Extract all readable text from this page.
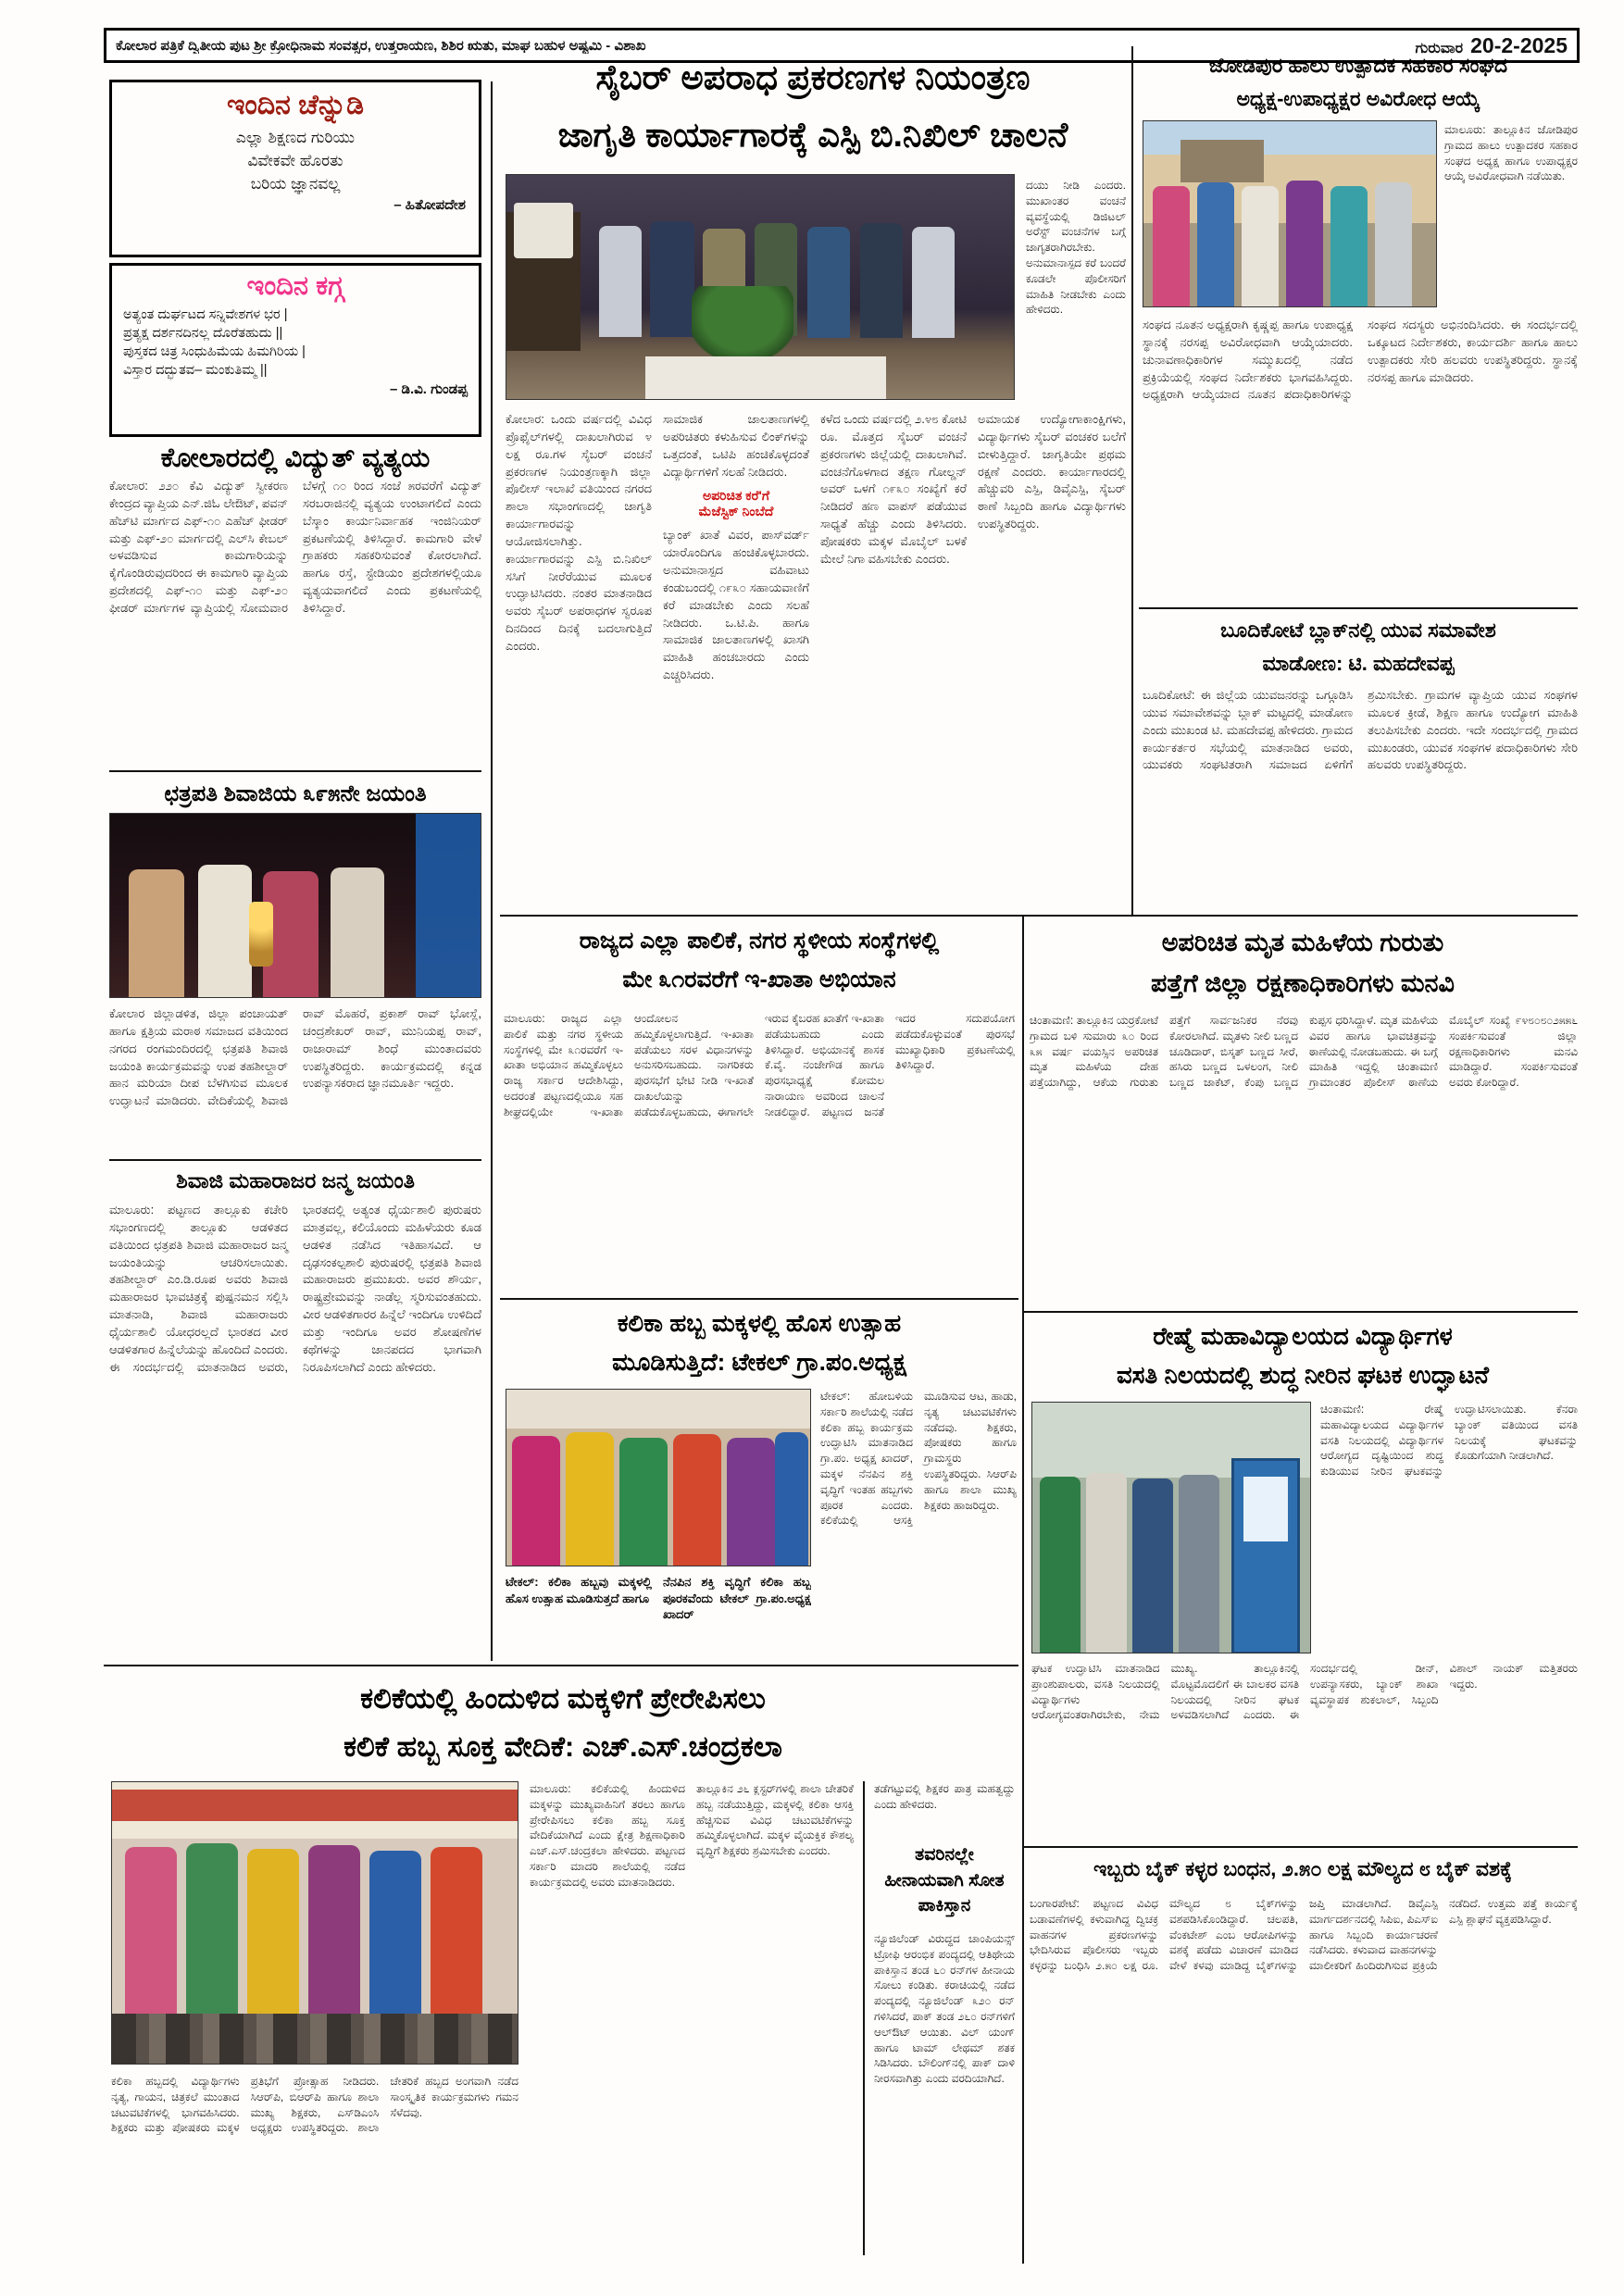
ಕೋಲಾರ ಪತ್ರಿಕೆ ದ್ವಿತೀಯ ಪುಟ ಶ್ರೀ ಕ್ರೋಧಿನಾಮ ಸಂವತ್ಸರ, ಉತ್ತರಾಯಣ, ಶಿಶಿರ ಋತು, ಮಾಘ ಬಹುಳ ಅಷ್ಟಮಿ - ವಿಶಾಖ	ಗುರುವಾರ 20-2-2025
ಇಂದಿನ ಚೆನ್ನುಡಿ
ಎಲ್ಲಾ ಶಿಕ್ಷಣದ ಗುರಿಯು
ವಿವೇಕವೇ ಹೊರತು
ಬರಿಯ ಜ್ಞಾನವಲ್ಲ
– ಹಿತೋಪದೇಶ
ಇಂದಿನ ಕಗ್ಗ
ಅತ್ಯಂತ ದುರ್ಘಟದ ಸನ್ನಿವೇಶಗಳ ಭರ |
ಪ್ರತ್ಯಕ್ಷ ದರ್ಶನದಿನಲ್ಲ ದೊರೆತಹುದು ||
ಪುಸ್ತಕದ ಚಿತ್ರ ಸಿಂಧುಹಿಮೆಯ ಹಿಮಗಿರಿಯ |
ವಿಸ್ತಾರ ದದ್ಭುತವ– ಮಂಕುತಿಮ್ಮ ||
– ಡಿ.ವಿ. ಗುಂಡಪ್ಪ
ಕೋಲಾರದಲ್ಲಿ ವಿದ್ಯುತ್ ವ್ಯತ್ಯಯ
ಕೋಲಾರ: ೨೨೦ ಕೆವಿ ವಿದ್ಯುತ್ ಸ್ವೀಕರಣ ಕೇಂದ್ರದ ವ್ಯಾಪ್ತಿಯ ಎನ್.ಜಿಓ ಲೇಔಟ್, ಪವನ್ ಹೆಚ್‌ಟಿ ಮಾರ್ಗದ ಎಫ್-೧೦ ಎಹೆಚ್ ಫೀಡರ್ ಮತ್ತು ಎಫ್-೨೦ ಮಾರ್ಗದಲ್ಲಿ ಎಲ್‌ಸಿ ಕೇಬಲ್ ಅಳವಡಿಸುವ ಕಾಮಗಾರಿಯನ್ನು ಕೈಗೊಂಡಿರುವುದರಿಂದ ಈ ಕಾಮಗಾರಿ ವ್ಯಾಪ್ತಿಯ ಪ್ರದೇಶದಲ್ಲಿ ಎಫ್-೧೦ ಮತ್ತು ಎಫ್-೨೦ ಫೀಡರ್ ಮಾರ್ಗಗಳ ವ್ಯಾಪ್ತಿಯಲ್ಲಿ ಸೋಮವಾರ ಬೆಳಗ್ಗೆ ೧೦ ರಿಂದ ಸಂಜೆ ೫ರವರೆಗೆ ವಿದ್ಯುತ್ ಸರಬರಾಜಿನಲ್ಲಿ ವ್ಯತ್ಯಯ ಉಂಟಾಗಲಿದೆ ಎಂದು ಬೆಸ್ಕಾಂ ಕಾರ್ಯನಿರ್ವಾಹಕ ಇಂಜಿನಿಯರ್ ಪ್ರಕಟಣೆಯಲ್ಲಿ ತಿಳಿಸಿದ್ದಾರೆ. ಕಾಮಗಾರಿ ವೇಳೆ ಗ್ರಾಹಕರು ಸಹಕರಿಸುವಂತೆ ಕೋರಲಾಗಿದೆ. ಹಾಗೂ ರಸ್ತೆ, ಸ್ಟೇಡಿಯಂ ಪ್ರದೇಶಗಳಲ್ಲಿಯೂ ವ್ಯತ್ಯಯವಾಗಲಿದೆ ಎಂದು ಪ್ರಕಟಣೆಯಲ್ಲಿ ತಿಳಿಸಿದ್ದಾರೆ.
ಛತ್ರಪತಿ ಶಿವಾಜಿಯ ೩೯೫ನೇ ಜಯಂತಿ
ಕೋಲಾರ ಜಿಲ್ಲಾಡಳಿತ, ಜಿಲ್ಲಾ ಪಂಚಾಯತ್ ಹಾಗೂ ಕ್ಷತ್ರಿಯ ಮರಾಠ ಸಮಾಜದ ವತಿಯಿಂದ ನಗರದ ರಂಗಮಂದಿರದಲ್ಲಿ ಛತ್ರಪತಿ ಶಿವಾಜಿ ಜಯಂತಿ ಕಾರ್ಯಕ್ರಮವನ್ನು ಉಪ ತಹಶೀಲ್ದಾರ್ ಹಾನ ಮರಿಯಾ ದೀಪ ಬೆಳಗಿಸುವ ಮೂಲಕ ಉದ್ಘಾಟನೆ ಮಾಡಿದರು. ವೇದಿಕೆಯಲ್ಲಿ ಶಿವಾಜಿ ರಾವ್ ಮೊಹರೆ, ಪ್ರಕಾಶ್ ರಾವ್ ಭೋಸ್ಲೆ, ಚಂದ್ರಶೇಖರ್ ರಾವ್, ಮುನಿಯಪ್ಪ ರಾವ್, ರಾಜಾರಾಮ್ ಶಿಂಧೆ ಮುಂತಾದವರು ಉಪಸ್ಥಿತರಿದ್ದರು. ಕಾರ್ಯಕ್ರಮದಲ್ಲಿ ಕನ್ನಡ ಉಪನ್ಯಾಸಕರಾದ ಜ್ಞಾನಮೂರ್ತಿ ಇದ್ದರು.
ಶಿವಾಜಿ ಮಹಾರಾಜರ ಜನ್ಮ ಜಯಂತಿ
ಮಾಲೂರು: ಪಟ್ಟಣದ ತಾಲ್ಲೂಕು ಕಚೇರಿ ಸಭಾಂಗಣದಲ್ಲಿ ತಾಲ್ಲೂಕು ಆಡಳಿತದ ವತಿಯಿಂದ ಛತ್ರಪತಿ ಶಿವಾಜಿ ಮಹಾರಾಜರ ಜನ್ಮ ಜಯಂತಿಯನ್ನು ಆಚರಿಸಲಾಯಿತು. ತಹಶೀಲ್ದಾರ್ ಎಂ.ಡಿ.ರೂಪ ಅವರು ಶಿವಾಜಿ ಮಹಾರಾಜರ ಭಾವಚಿತ್ರಕ್ಕೆ ಪುಷ್ಪನಮನ ಸಲ್ಲಿಸಿ ಮಾತನಾಡಿ, ಶಿವಾಜಿ ಮಹಾರಾಜರು ಧೈರ್ಯಶಾಲಿ ಯೋಧರಲ್ಲದೆ ಭಾರತದ ವೀರ ಆಡಳಿತಗಾರ ಹಿನ್ನೆಲೆಯನ್ನು ಹೊಂದಿದೆ ಎಂದರು. ಈ ಸಂದರ್ಭದಲ್ಲಿ ಮಾತನಾಡಿದ ಅವರು, ಭಾರತದಲ್ಲಿ ಅತ್ಯಂತ ಧೈರ್ಯಶಾಲಿ ಪುರುಷರು ಮಾತ್ರವಲ್ಲ, ಕಲಿಯೊಂದು ಮಹಿಳೆಯರು ಕೂಡ ಆಡಳಿತ ನಡೆಸಿದ ಇತಿಹಾಸವಿದೆ. ಆ ದೃಢಸಂಕಲ್ಪಶಾಲಿ ಪುರುಷರಲ್ಲಿ ಛತ್ರಪತಿ ಶಿವಾಜಿ ಮಹಾರಾಜರು ಪ್ರಮುಖರು. ಅವರ ಶೌರ್ಯ, ರಾಷ್ಟ್ರಪ್ರೇಮವನ್ನು ನಾಡೆಲ್ಲ ಸ್ಮರಿಸುವಂತಹುದು. ವೀರ ಆಡಳಿತಗಾರರ ಹಿನ್ನೆಲೆ ಇಂದಿಗೂ ಉಳಿದಿದೆ ಮತ್ತು ಇಂದಿಗೂ ಅವರ ಶೋಷಣೆಗಳ ಕಥೆಗಳನ್ನು ಜಾನಪದದ ಭಾಗವಾಗಿ ನಿರೂಪಿಸಲಾಗಿದೆ ಎಂದು ಹೇಳಿದರು.
ಸೈಬರ್ ಅಪರಾಧ ಪ್ರಕರಣಗಳ ನಿಯಂತ್ರಣ
ಜಾಗೃತಿ ಕಾರ್ಯಾಗಾರಕ್ಕೆ ಎಸ್ಪಿ ಬಿ.ನಿಖಿಲ್ ಚಾಲನೆ
ದಯು ನೀಡಿ ಎಂದರು. ಮುಖಾಂತರ ವಂಚನೆ ವ್ಯವಸ್ಥೆಯಲ್ಲಿ ಡಿಜಿಟಲ್ ಅರೆಸ್ಟ್ ವಂಚನೆಗಳ ಬಗ್ಗೆ ಜಾಗೃತರಾಗಿರಬೇಕು. ಅನುಮಾನಾಸ್ಪದ ಕರೆ ಬಂದರೆ ಕೂಡಲೇ ಪೊಲೀಸರಿಗೆ ಮಾಹಿತಿ ನೀಡಬೇಕು ಎಂದು ಹೇಳಿದರು.
ಕೋಲಾರ: ಒಂದು ವರ್ಷದಲ್ಲಿ ವಿವಿಧ ಪ್ರೊಫೈಲ್‌ಗಳಲ್ಲಿ ದಾಖಲಾಗಿರುವ ೪ ಲಕ್ಷ ರೂ.ಗಳ ಸೈಬರ್ ವಂಚನೆ ಪ್ರಕರಣಗಳ ನಿಯಂತ್ರಣಕ್ಕಾಗಿ ಜಿಲ್ಲಾ ಪೊಲೀಸ್ ಇಲಾಖೆ ವತಿಯಿಂದ ನಗರದ ಶಾಲಾ ಸಭಾಂಗಣದಲ್ಲಿ ಜಾಗೃತಿ ಕಾರ್ಯಾಗಾರವನ್ನು ಆಯೋಜಿಸಲಾಗಿತ್ತು. ಕಾರ್ಯಾಗಾರವನ್ನು ಎಸ್ಪಿ ಬಿ.ನಿಖಿಲ್ ಸಸಿಗೆ ನೀರೆರೆಯುವ ಮೂಲಕ ಉದ್ಘಾಟಿಸಿದರು. ನಂತರ ಮಾತನಾಡಿದ ಅವರು ಸೈಬರ್ ಅಪರಾಧಗಳ ಸ್ವರೂಪ ದಿನದಿಂದ ದಿನಕ್ಕೆ ಬದಲಾಗುತ್ತಿದೆ ಎಂದರು.
ಸಾಮಾಜಿಕ ಜಾಲತಾಣಗಳಲ್ಲಿ ಅಪರಿಚಿತರು ಕಳುಹಿಸುವ ಲಿಂಕ್‌ಗಳನ್ನು ಒತ್ತದಂತೆ, ಒಟಿಪಿ ಹಂಚಿಕೊಳ್ಳದಂತೆ ವಿದ್ಯಾರ್ಥಿಗಳಿಗೆ ಸಲಹೆ ನೀಡಿದರು.
ಅಪರಿಚಿತ ಕರೆ'ಗೆ
ಮೆಜೆಸ್ಟಿಕ್ ನಿಂಬೆದೆ
ಬ್ಯಾಂಕ್ ಖಾತೆ ವಿವರ, ಪಾಸ್‌ವರ್ಡ್ ಯಾರೊಂದಿಗೂ ಹಂಚಿಕೊಳ್ಳಬಾರದು. ಅನುಮಾನಾಸ್ಪದ ವಹಿವಾಟು ಕಂಡುಬಂದಲ್ಲಿ ೧೯೩೦ ಸಹಾಯವಾಣಿಗೆ ಕರೆ ಮಾಡಬೇಕು ಎಂದು ಸಲಹೆ ನೀಡಿದರು. ಒ.ಟಿ.ಪಿ. ಹಾಗೂ ಸಾಮಾಜಿಕ ಜಾಲತಾಣಗಳಲ್ಲಿ ಖಾಸಗಿ ಮಾಹಿತಿ ಹಂಚಬಾರದು ಎಂದು ಎಚ್ಚರಿಸಿದರು.
ಕಳೆದ ಒಂದು ವರ್ಷದಲ್ಲಿ ೨.೪೮ ಕೋಟಿ ರೂ. ಮೊತ್ತದ ಸೈಬರ್ ವಂಚನೆ ಪ್ರಕರಣಗಳು ಜಿಲ್ಲೆಯಲ್ಲಿ ದಾಖಲಾಗಿವೆ. ವಂಚನೆಗೊಳಗಾದ ತಕ್ಷಣ ಗೋಲ್ಡನ್ ಅವರ್ ಒಳಗೆ ೧೯೩೦ ಸಂಖ್ಯೆಗೆ ಕರೆ ನೀಡಿದರೆ ಹಣ ವಾಪಸ್ ಪಡೆಯುವ ಸಾಧ್ಯತೆ ಹೆಚ್ಚು ಎಂದು ತಿಳಿಸಿದರು. ಪೋಷಕರು ಮಕ್ಕಳ ಮೊಬೈಲ್ ಬಳಕೆ ಮೇಲೆ ನಿಗಾ ವಹಿಸಬೇಕು ಎಂದರು.
ಅಮಾಯಕ ಉದ್ಯೋಗಾಕಾಂಕ್ಷಿಗಳು, ವಿದ್ಯಾರ್ಥಿಗಳು ಸೈಬರ್ ವಂಚಕರ ಬಲೆಗೆ ಬೀಳುತ್ತಿದ್ದಾರೆ. ಜಾಗೃತಿಯೇ ಪ್ರಥಮ ರಕ್ಷಣೆ ಎಂದರು. ಕಾರ್ಯಾಗಾರದಲ್ಲಿ ಹೆಚ್ಚುವರಿ ಎಸ್ಪಿ, ಡಿವೈಎಸ್ಪಿ, ಸೈಬರ್ ಠಾಣೆ ಸಿಬ್ಬಂದಿ ಹಾಗೂ ವಿದ್ಯಾರ್ಥಿಗಳು ಉಪಸ್ಥಿತರಿದ್ದರು.
ಜೋಡಿಪುರ ಹಾಲು ಉತ್ಪಾದಕ ಸಹಕಾರ ಸಂಘದ
ಅಧ್ಯಕ್ಷ-ಉಪಾಧ್ಯಕ್ಷರ ಅವಿರೋಧ ಆಯ್ಕೆ
ಮಾಲೂರು: ತಾಲ್ಲೂಕಿನ ಜೋಡಿಪುರ ಗ್ರಾಮದ ಹಾಲು ಉತ್ಪಾದಕರ ಸಹಕಾರ ಸಂಘದ ಅಧ್ಯಕ್ಷ ಹಾಗೂ ಉಪಾಧ್ಯಕ್ಷರ ಆಯ್ಕೆ ಅವಿರೋಧವಾಗಿ ನಡೆಯಿತು.
ಸಂಘದ ನೂತನ ಅಧ್ಯಕ್ಷರಾಗಿ ಕೃಷ್ಣಪ್ಪ ಹಾಗೂ ಉಪಾಧ್ಯಕ್ಷ ಸ್ಥಾನಕ್ಕೆ ನರಸಪ್ಪ ಅವಿರೋಧವಾಗಿ ಆಯ್ಕೆಯಾದರು. ಚುನಾವಣಾಧಿಕಾರಿಗಳ ಸಮ್ಮುಖದಲ್ಲಿ ನಡೆದ ಪ್ರಕ್ರಿಯೆಯಲ್ಲಿ ಸಂಘದ ನಿರ್ದೇಶಕರು ಭಾಗವಹಿಸಿದ್ದರು. ಅಧ್ಯಕ್ಷರಾಗಿ ಆಯ್ಕೆಯಾದ ನೂತನ ಪದಾಧಿಕಾರಿಗಳನ್ನು ಸಂಘದ ಸದಸ್ಯರು ಅಭಿನಂದಿಸಿದರು. ಈ ಸಂದರ್ಭದಲ್ಲಿ ಒಕ್ಕೂಟದ ನಿರ್ದೇಶಕರು, ಕಾರ್ಯದರ್ಶಿ ಹಾಗೂ ಹಾಲು ಉತ್ಪಾದಕರು ಸೇರಿ ಹಲವರು ಉಪಸ್ಥಿತರಿದ್ದರು. ಸ್ಥಾನಕ್ಕೆ ನರಸಪ್ಪ ಹಾಗೂ ಮಾಡಿದರು.
ಬೂದಿಕೋಟೆ ಬ್ಲಾಕ್‌ನಲ್ಲಿ ಯುವ ಸಮಾವೇಶ
ಮಾಡೋಣ: ಟಿ. ಮಹದೇವಪ್ಪ
ಬೂದಿಕೋಟೆ: ಈ ಜಿಲ್ಲೆಯ ಯುವಜನರನ್ನು ಒಗ್ಗೂಡಿಸಿ ಯುವ ಸಮಾವೇಶವನ್ನು ಬ್ಲಾಕ್ ಮಟ್ಟದಲ್ಲಿ ಮಾಡೋಣ ಎಂದು ಮುಖಂಡ ಟಿ. ಮಹದೇವಪ್ಪ ಹೇಳಿದರು. ಗ್ರಾಮದ ಕಾರ್ಯಕರ್ತರ ಸಭೆಯಲ್ಲಿ ಮಾತನಾಡಿದ ಅವರು, ಯುವಕರು ಸಂಘಟಿತರಾಗಿ ಸಮಾಜದ ಏಳಿಗೆಗೆ ಶ್ರಮಿಸಬೇಕು. ಗ್ರಾಮಗಳ ವ್ಯಾಪ್ತಿಯ ಯುವ ಸಂಘಗಳ ಮೂಲಕ ಕ್ರೀಡೆ, ಶಿಕ್ಷಣ ಹಾಗೂ ಉದ್ಯೋಗ ಮಾಹಿತಿ ತಲುಪಿಸಬೇಕು ಎಂದರು. ಇದೇ ಸಂದರ್ಭದಲ್ಲಿ ಗ್ರಾಮದ ಮುಖಂಡರು, ಯುವಕ ಸಂಘಗಳ ಪದಾಧಿಕಾರಿಗಳು ಸೇರಿ ಹಲವರು ಉಪಸ್ಥಿತರಿದ್ದರು.
ರಾಜ್ಯದ ಎಲ್ಲಾ ಪಾಲಿಕೆ, ನಗರ ಸ್ಥಳೀಯ ಸಂಸ್ಥೆಗಳಲ್ಲಿ
ಮೇ ೩೧ರವರೆಗೆ ಇ-ಖಾತಾ ಅಭಿಯಾನ
ಮಾಲೂರು: ರಾಜ್ಯದ ಎಲ್ಲಾ ಪಾಲಿಕೆ ಮತ್ತು ನಗರ ಸ್ಥಳೀಯ ಸಂಸ್ಥೆಗಳಲ್ಲಿ ಮೇ ೩೧ರವರೆಗೆ ಇ-ಖಾತಾ ಅಭಿಯಾನ ಹಮ್ಮಿಕೊಳ್ಳಲು ರಾಜ್ಯ ಸರ್ಕಾರ ಆದೇಶಿಸಿದ್ದು, ಅದರಂತೆ ಪಟ್ಟಣದಲ್ಲಿಯೂ ಸಹ ಶೀಘ್ರದಲ್ಲಿಯೇ ಇ-ಖಾತಾ ಆಂದೋಲನ ಹಮ್ಮಿಕೊಳ್ಳಲಾಗುತ್ತಿದೆ. ಇ-ಖಾತಾ ಪಡೆಯಲು ಸರಳ ವಿಧಾನಗಳನ್ನು ಅನುಸರಿಸಬಹುದು. ನಾಗರಿಕರು ಪುರಸಭೆಗೆ ಭೇಟಿ ನೀಡಿ ಇ-ಖಾತೆ ದಾಖಲೆಯನ್ನು ಪಡೆದುಕೊಳ್ಳಬಹುದು, ಈಗಾಗಲೇ ಇರುವ ಕೈಬರಹ ಖಾತೆಗೆ ಇ-ಖಾತಾ ಪಡೆಯಬಹುದು ಎಂದು ತಿಳಿಸಿದ್ದಾರೆ. ಅಭಿಯಾನಕ್ಕೆ ಶಾಸಕ ಕೆ.ವೈ. ನಂಜೇಗೌಡ ಹಾಗೂ ಪುರಸಭಾಧ್ಯಕ್ಷೆ ಕೋಮಲ ನಾರಾಯಣ ಅವರಿಂದ ಚಾಲನೆ ನೀಡಲಿದ್ದಾರೆ. ಪಟ್ಟಣದ ಜನತೆ ಇದರ ಸದುಪಯೋಗ ಪಡೆದುಕೊಳ್ಳುವಂತೆ ಪುರಸಭೆ ಮುಖ್ಯಾಧಿಕಾರಿ ಪ್ರಕಟಣೆಯಲ್ಲಿ ತಿಳಿಸಿದ್ದಾರೆ.
ಅಪರಿಚಿತ ಮೃತ ಮಹಿಳೆಯ ಗುರುತು
ಪತ್ತೆಗೆ ಜಿಲ್ಲಾ ರಕ್ಷಣಾಧಿಕಾರಿಗಳು ಮನವಿ
ಚಿಂತಾಮಣಿ: ತಾಲ್ಲೂಕಿನ ಯರ್ರಕೋಟೆ ಗ್ರಾಮದ ಬಳಿ ಸುಮಾರು ೩೦ ರಿಂದ ೩೫ ವರ್ಷ ವಯಸ್ಸಿನ ಅಪರಿಚಿತ ಮೃತ ಮಹಿಳೆಯ ದೇಹ ಪತ್ತೆಯಾಗಿದ್ದು, ಆಕೆಯ ಗುರುತು ಪತ್ತೆಗೆ ಸಾರ್ವಜನಿಕರ ನೆರವು ಕೋರಲಾಗಿದೆ. ಮೃತಳು ನೀಲಿ ಬಣ್ಣದ ಚೂಡಿದಾರ್, ಬಿಸ್ಕತ್ ಬಣ್ಣದ ಸೀರೆ, ಹಸಿರು ಬಣ್ಣದ ಒಳಲಂಗ, ನೀಲಿ ಬಣ್ಣದ ಜಾಕೆಟ್, ಕೆಂಪು ಬಣ್ಣದ ಕುಪ್ಪಸ ಧರಿಸಿದ್ದಾಳೆ. ಮೃತ ಮಹಿಳೆಯ ವಿವರ ಹಾಗೂ ಭಾವಚಿತ್ರವನ್ನು ಠಾಣೆಯಲ್ಲಿ ನೋಡಬಹುದು. ಈ ಬಗ್ಗೆ ಮಾಹಿತಿ ಇದ್ದಲ್ಲಿ ಚಿಂತಾಮಣಿ ಗ್ರಾಮಾಂತರ ಪೊಲೀಸ್ ಠಾಣೆಯ ಮೊಬೈಲ್ ಸಂಖ್ಯೆ ೯೪೮೦೮೦೨೫೫೬ ಸಂಪರ್ಕಿಸುವಂತೆ ಜಿಲ್ಲಾ ರಕ್ಷಣಾಧಿಕಾರಿಗಳು ಮನವಿ ಮಾಡಿದ್ದಾರೆ. ಸಂಪರ್ಕಿಸುವಂತೆ ಅವರು ಕೋರಿದ್ದಾರೆ.
ಕಲಿಕಾ ಹಬ್ಬ ಮಕ್ಕಳಲ್ಲಿ ಹೊಸ ಉತ್ಸಾಹ
ಮೂಡಿಸುತ್ತಿದೆ: ಟೇಕಲ್ ಗ್ರಾ.ಪಂ.ಅಧ್ಯಕ್ಷ
ಟೇಕಲ್: ಕಲಿಕಾ ಹಬ್ಬವು ಮಕ್ಕಳಲ್ಲಿ ಹೊಸ ಉತ್ಸಾಹ ಮೂಡಿಸುತ್ತದೆ ಹಾಗೂ
ನೆನಪಿನ ಶಕ್ತಿ ವೃದ್ಧಿಗೆ ಕಲಿಕಾ ಹಬ್ಬ ಪೂರಕವೆಂದು ಟೇಕಲ್ ಗ್ರಾ.ಪಂ.ಅಧ್ಯಕ್ಷ ಖಾದರ್
ಟೇಕಲ್: ಹೋಬಳಿಯ ಸರ್ಕಾರಿ ಶಾಲೆಯಲ್ಲಿ ನಡೆದ ಕಲಿಕಾ ಹಬ್ಬ ಕಾರ್ಯಕ್ರಮ ಉದ್ಘಾಟಿಸಿ ಮಾತನಾಡಿದ ಗ್ರಾ.ಪಂ. ಅಧ್ಯಕ್ಷ ಖಾದರ್, ಮಕ್ಕಳ ನೆನಪಿನ ಶಕ್ತಿ ವೃದ್ಧಿಗೆ ಇಂತಹ ಹಬ್ಬಗಳು ಪೂರಕ ಎಂದರು. ಕಲಿಕೆಯಲ್ಲಿ ಆಸಕ್ತಿ ಮೂಡಿಸುವ ಆಟ, ಹಾಡು, ನೃತ್ಯ ಚಟುವಟಿಕೆಗಳು ನಡೆದವು. ಶಿಕ್ಷಕರು, ಪೋಷಕರು ಹಾಗೂ ಗ್ರಾಮಸ್ಥರು ಉಪಸ್ಥಿತರಿದ್ದರು. ಸಿಆರ್‌ಪಿ ಹಾಗೂ ಶಾಲಾ ಮುಖ್ಯ ಶಿಕ್ಷಕರು ಹಾಜರಿದ್ದರು.
ರೇಷ್ಮೆ ಮಹಾವಿದ್ಯಾಲಯದ ವಿದ್ಯಾರ್ಥಿಗಳ
ವಸತಿ ನಿಲಯದಲ್ಲಿ ಶುದ್ಧ ನೀರಿನ ಘಟಕ ಉದ್ಘಾಟನೆ
ಚಿಂತಾಮಣಿ: ರೇಷ್ಮೆ ಮಹಾವಿದ್ಯಾಲಯದ ವಿದ್ಯಾರ್ಥಿಗಳ ವಸತಿ ನಿಲಯದಲ್ಲಿ ವಿದ್ಯಾರ್ಥಿಗಳ ಆರೋಗ್ಯದ ದೃಷ್ಟಿಯಿಂದ ಶುದ್ಧ ಕುಡಿಯುವ ನೀರಿನ ಘಟಕವನ್ನು ಉದ್ಘಾಟಿಸಲಾಯಿತು. ಕೆನರಾ ಬ್ಯಾಂಕ್ ವತಿಯಿಂದ ವಸತಿ ನಿಲಯಕ್ಕೆ ಘಟಕವನ್ನು ಕೊಡುಗೆಯಾಗಿ ನೀಡಲಾಗಿದೆ.
ಘಟಕ ಉದ್ಘಾಟಿಸಿ ಮಾತನಾಡಿದ ಪ್ರಾಂಶುಪಾಲರು, ವಸತಿ ನಿಲಯದಲ್ಲಿ ವಿದ್ಯಾರ್ಥಿಗಳು ಆರೋಗ್ಯವಂತರಾಗಿರಬೇಕು, ನೇಮ ಮುಖ್ಯ. ತಾಲ್ಲೂಕಿನಲ್ಲಿ ಮೊಟ್ಟಮೊದಲಿಗೆ ಈ ಬಾಲಕರ ವಸತಿ ನಿಲಯದಲ್ಲಿ ನೀರಿನ ಘಟಕ ಅಳವಡಿಸಲಾಗಿದೆ ಎಂದರು. ಈ ಸಂದರ್ಭದಲ್ಲಿ ಡೀನ್, ಉಪನ್ಯಾಸಕರು, ಬ್ಯಾಂಕ್ ಶಾಖಾ ವ್ಯವಸ್ಥಾಪಕ ಶುಕಲಾಲ್, ಸಿಬ್ಬಂದಿ ವಿಶಾಲ್ ನಾಯಕ್ ಮತ್ತಿತರರು ಇದ್ದರು.
ಕಲಿಕೆಯಲ್ಲಿ ಹಿಂದುಳಿದ ಮಕ್ಕಳಿಗೆ ಪ್ರೇರೇಪಿಸಲು
ಕಲಿಕೆ ಹಬ್ಬ ಸೂಕ್ತ ವೇದಿಕೆ: ಎಚ್.ಎಸ್.ಚಂದ್ರಕಲಾ
ಮಾಲೂರು: ಕಲಿಕೆಯಲ್ಲಿ ಹಿಂದುಳಿದ ಮಕ್ಕಳನ್ನು ಮುಖ್ಯವಾಹಿನಿಗೆ ತರಲು ಹಾಗೂ ಪ್ರೇರೇಪಿಸಲು ಕಲಿಕಾ ಹಬ್ಬ ಸೂಕ್ತ ವೇದಿಕೆಯಾಗಿದೆ ಎಂದು ಕ್ಷೇತ್ರ ಶಿಕ್ಷಣಾಧಿಕಾರಿ ಎಚ್.ಎಸ್.ಚಂದ್ರಕಲಾ ಹೇಳಿದರು. ಪಟ್ಟಣದ ಸರ್ಕಾರಿ ಮಾದರಿ ಶಾಲೆಯಲ್ಲಿ ನಡೆದ ಕಾರ್ಯಕ್ರಮದಲ್ಲಿ ಅವರು ಮಾತನಾಡಿದರು.
ತಾಲ್ಲೂಕಿನ ೨೬ ಕ್ಲಸ್ಟರ್‌ಗಳಲ್ಲಿ ಶಾಲಾ ಚೇತರಿಕೆ ಹಬ್ಬ ನಡೆಯುತ್ತಿದ್ದು, ಮಕ್ಕಳಲ್ಲಿ ಕಲಿಕಾ ಆಸಕ್ತಿ ಹೆಚ್ಚಿಸುವ ವಿವಿಧ ಚಟುವಟಿಕೆಗಳನ್ನು ಹಮ್ಮಿಕೊಳ್ಳಲಾಗಿದೆ. ಮಕ್ಕಳ ವೈಯಕ್ತಿಕ ಕೌಶಲ್ಯ ವೃದ್ಧಿಗೆ ಶಿಕ್ಷಕರು ಶ್ರಮಿಸಬೇಕು ಎಂದರು.
ಕಲಿಕಾ ಹಬ್ಬದಲ್ಲಿ ವಿದ್ಯಾರ್ಥಿಗಳು ನೃತ್ಯ, ಗಾಯನ, ಚಿತ್ರಕಲೆ ಮುಂತಾದ ಚಟುವಟಿಕೆಗಳಲ್ಲಿ ಭಾಗವಹಿಸಿದರು. ಶಿಕ್ಷಕರು ಮತ್ತು ಪೋಷಕರು ಮಕ್ಕಳ ಪ್ರತಿಭೆಗೆ ಪ್ರೋತ್ಸಾಹ ನೀಡಿದರು. ಸಿಆರ್‌ಪಿ, ಬಿಆರ್‌ಪಿ ಹಾಗೂ ಶಾಲಾ ಮುಖ್ಯ ಶಿಕ್ಷಕರು, ಎಸ್‌ಡಿಎಂಸಿ ಅಧ್ಯಕ್ಷರು ಉಪಸ್ಥಿತರಿದ್ದರು. ಶಾಲಾ ಚೇತರಿಕೆ ಹಬ್ಬದ ಅಂಗವಾಗಿ ನಡೆದ ಸಾಂಸ್ಕೃತಿಕ ಕಾರ್ಯಕ್ರಮಗಳು ಗಮನ ಸೆಳೆದವು.
ತಡೆಗಟ್ಟುವಲ್ಲಿ ಶಿಕ್ಷಕರ ಪಾತ್ರ ಮಹತ್ವದ್ದು ಎಂದು ಹೇಳಿದರು.
ತವರಿನಲ್ಲೇ ಹೀನಾಯವಾಗಿ ಸೋತ ಪಾಕಿಸ್ತಾನ
ನ್ಯೂಜಿಲೆಂಡ್ ವಿರುದ್ಧದ ಚಾಂಪಿಯನ್ಸ್ ಟ್ರೋಫಿ ಆರಂಭಿಕ ಪಂದ್ಯದಲ್ಲಿ ಆತಿಥೇಯ ಪಾಕಿಸ್ತಾನ ತಂಡ ೬೦ ರನ್‌ಗಳ ಹೀನಾಯ ಸೋಲು ಕಂಡಿತು. ಕರಾಚಿಯಲ್ಲಿ ನಡೆದ ಪಂದ್ಯದಲ್ಲಿ ನ್ಯೂಜಿಲೆಂಡ್ ೩೨೦ ರನ್ ಗಳಿಸಿದರೆ, ಪಾಕ್ ತಂಡ ೨೬೦ ರನ್‌ಗಳಿಗೆ ಆಲ್‌ಔಟ್ ಆಯಿತು. ವಿಲ್ ಯಂಗ್ ಹಾಗೂ ಟಾಮ್ ಲೇಥಮ್ ಶತಕ ಸಿಡಿಸಿದರು. ಬೌಲಿಂಗ್‌ನಲ್ಲಿ ಪಾಕ್ ದಾಳಿ ನೀರಸವಾಗಿತ್ತು ಎಂದು ವರದಿಯಾಗಿದೆ.
ಇಬ್ಬರು ಬೈಕ್ ಕಳ್ಳರ ಬಂಧನ, ೨.೫೦ ಲಕ್ಷ ಮೌಲ್ಯದ ೮ ಬೈಕ್ ವಶಕ್ಕೆ
ಬಂಗಾರಪೇಟೆ: ಪಟ್ಟಣದ ವಿವಿಧ ಬಡಾವಣೆಗಳಲ್ಲಿ ಕಳುವಾಗಿದ್ದ ದ್ವಿಚಕ್ರ ವಾಹನಗಳ ಪ್ರಕರಣಗಳನ್ನು ಭೇದಿಸಿರುವ ಪೊಲೀಸರು ಇಬ್ಬರು ಕಳ್ಳರನ್ನು ಬಂಧಿಸಿ ೨.೫೦ ಲಕ್ಷ ರೂ. ಮೌಲ್ಯದ ೮ ಬೈಕ್‌ಗಳನ್ನು ವಶಪಡಿಸಿಕೊಂಡಿದ್ದಾರೆ. ಚಲಪತಿ, ವೆಂಕಟೇಶ್ ಎಂಬ ಆರೋಪಿಗಳನ್ನು ವಶಕ್ಕೆ ಪಡೆದು ವಿಚಾರಣೆ ಮಾಡಿದ ವೇಳೆ ಕಳವು ಮಾಡಿದ್ದ ಬೈಕ್‌ಗಳನ್ನು ಜಪ್ತಿ ಮಾಡಲಾಗಿದೆ. ಡಿವೈಎಸ್ಪಿ ಮಾರ್ಗದರ್ಶನದಲ್ಲಿ ಸಿಪಿಐ, ಪಿಎಸ್ಐ ಹಾಗೂ ಸಿಬ್ಬಂದಿ ಕಾರ್ಯಾಚರಣೆ ನಡೆಸಿದರು. ಕಳುವಾದ ವಾಹನಗಳನ್ನು ಮಾಲೀಕರಿಗೆ ಹಿಂದಿರುಗಿಸುವ ಪ್ರಕ್ರಿಯೆ ನಡೆದಿದೆ. ಉತ್ತಮ ಪತ್ತೆ ಕಾರ್ಯಕ್ಕೆ ಎಸ್ಪಿ ಶ್ಲಾಘನೆ ವ್ಯಕ್ತಪಡಿಸಿದ್ದಾರೆ.
